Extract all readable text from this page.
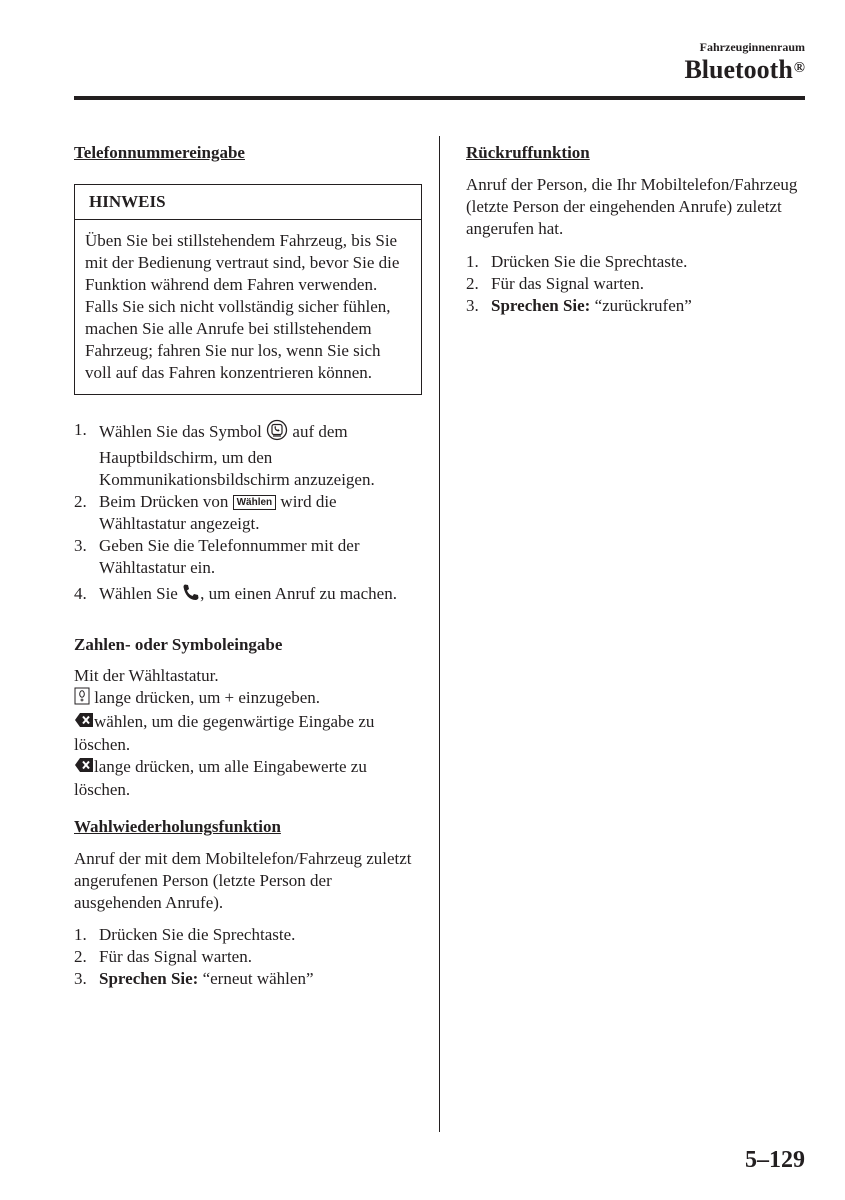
Fahrzeuginnenraum
Bluetooth®
Telefonnummereingabe
HINWEIS
Üben Sie bei stillstehendem Fahrzeug, bis Sie mit der Bedienung vertraut sind, bevor Sie die Funktion während dem Fahren verwenden. Falls Sie sich nicht vollständig sicher fühlen, machen Sie alle Anrufe bei stillstehendem Fahrzeug; fahren Sie nur los, wenn Sie sich voll auf das Fahren konzentrieren können.
1. Wählen Sie das Symbol auf dem Hauptbildschirm, um den Kommunikationsbildschirm anzuzeigen.
2. Beim Drücken von Wählen wird die Wähltastatur angezeigt.
3. Geben Sie die Telefonnummer mit der Wähltastatur ein.
4. Wählen Sie , um einen Anruf zu machen.
Zahlen- oder Symboleingabe

Mit der Wähltastatur.

lange drücken, um + einzugeben.

wählen, um die gegenwärtige Eingabe zu löschen.

lange drücken, um alle Eingabewerte zu löschen.

Wahlwiederholungsfunktion

Anruf der mit dem Mobiltelefon/Fahrzeug zuletzt angerufenen Person (letzte Person der ausgehenden Anrufe).

1. Drücken Sie die Sprechtaste.
2. Für das Signal warten.
3. Sprechen Sie: “erneut wählen”
Rückruffunktion

Anruf der Person, die Ihr Mobiltelefon/Fahrzeug (letzte Person der eingehenden Anrufe) zuletzt angerufen hat.

1. Drücken Sie die Sprechtaste.
2. Für das Signal warten.
3. Sprechen Sie: “zurückrufen”
5–129
